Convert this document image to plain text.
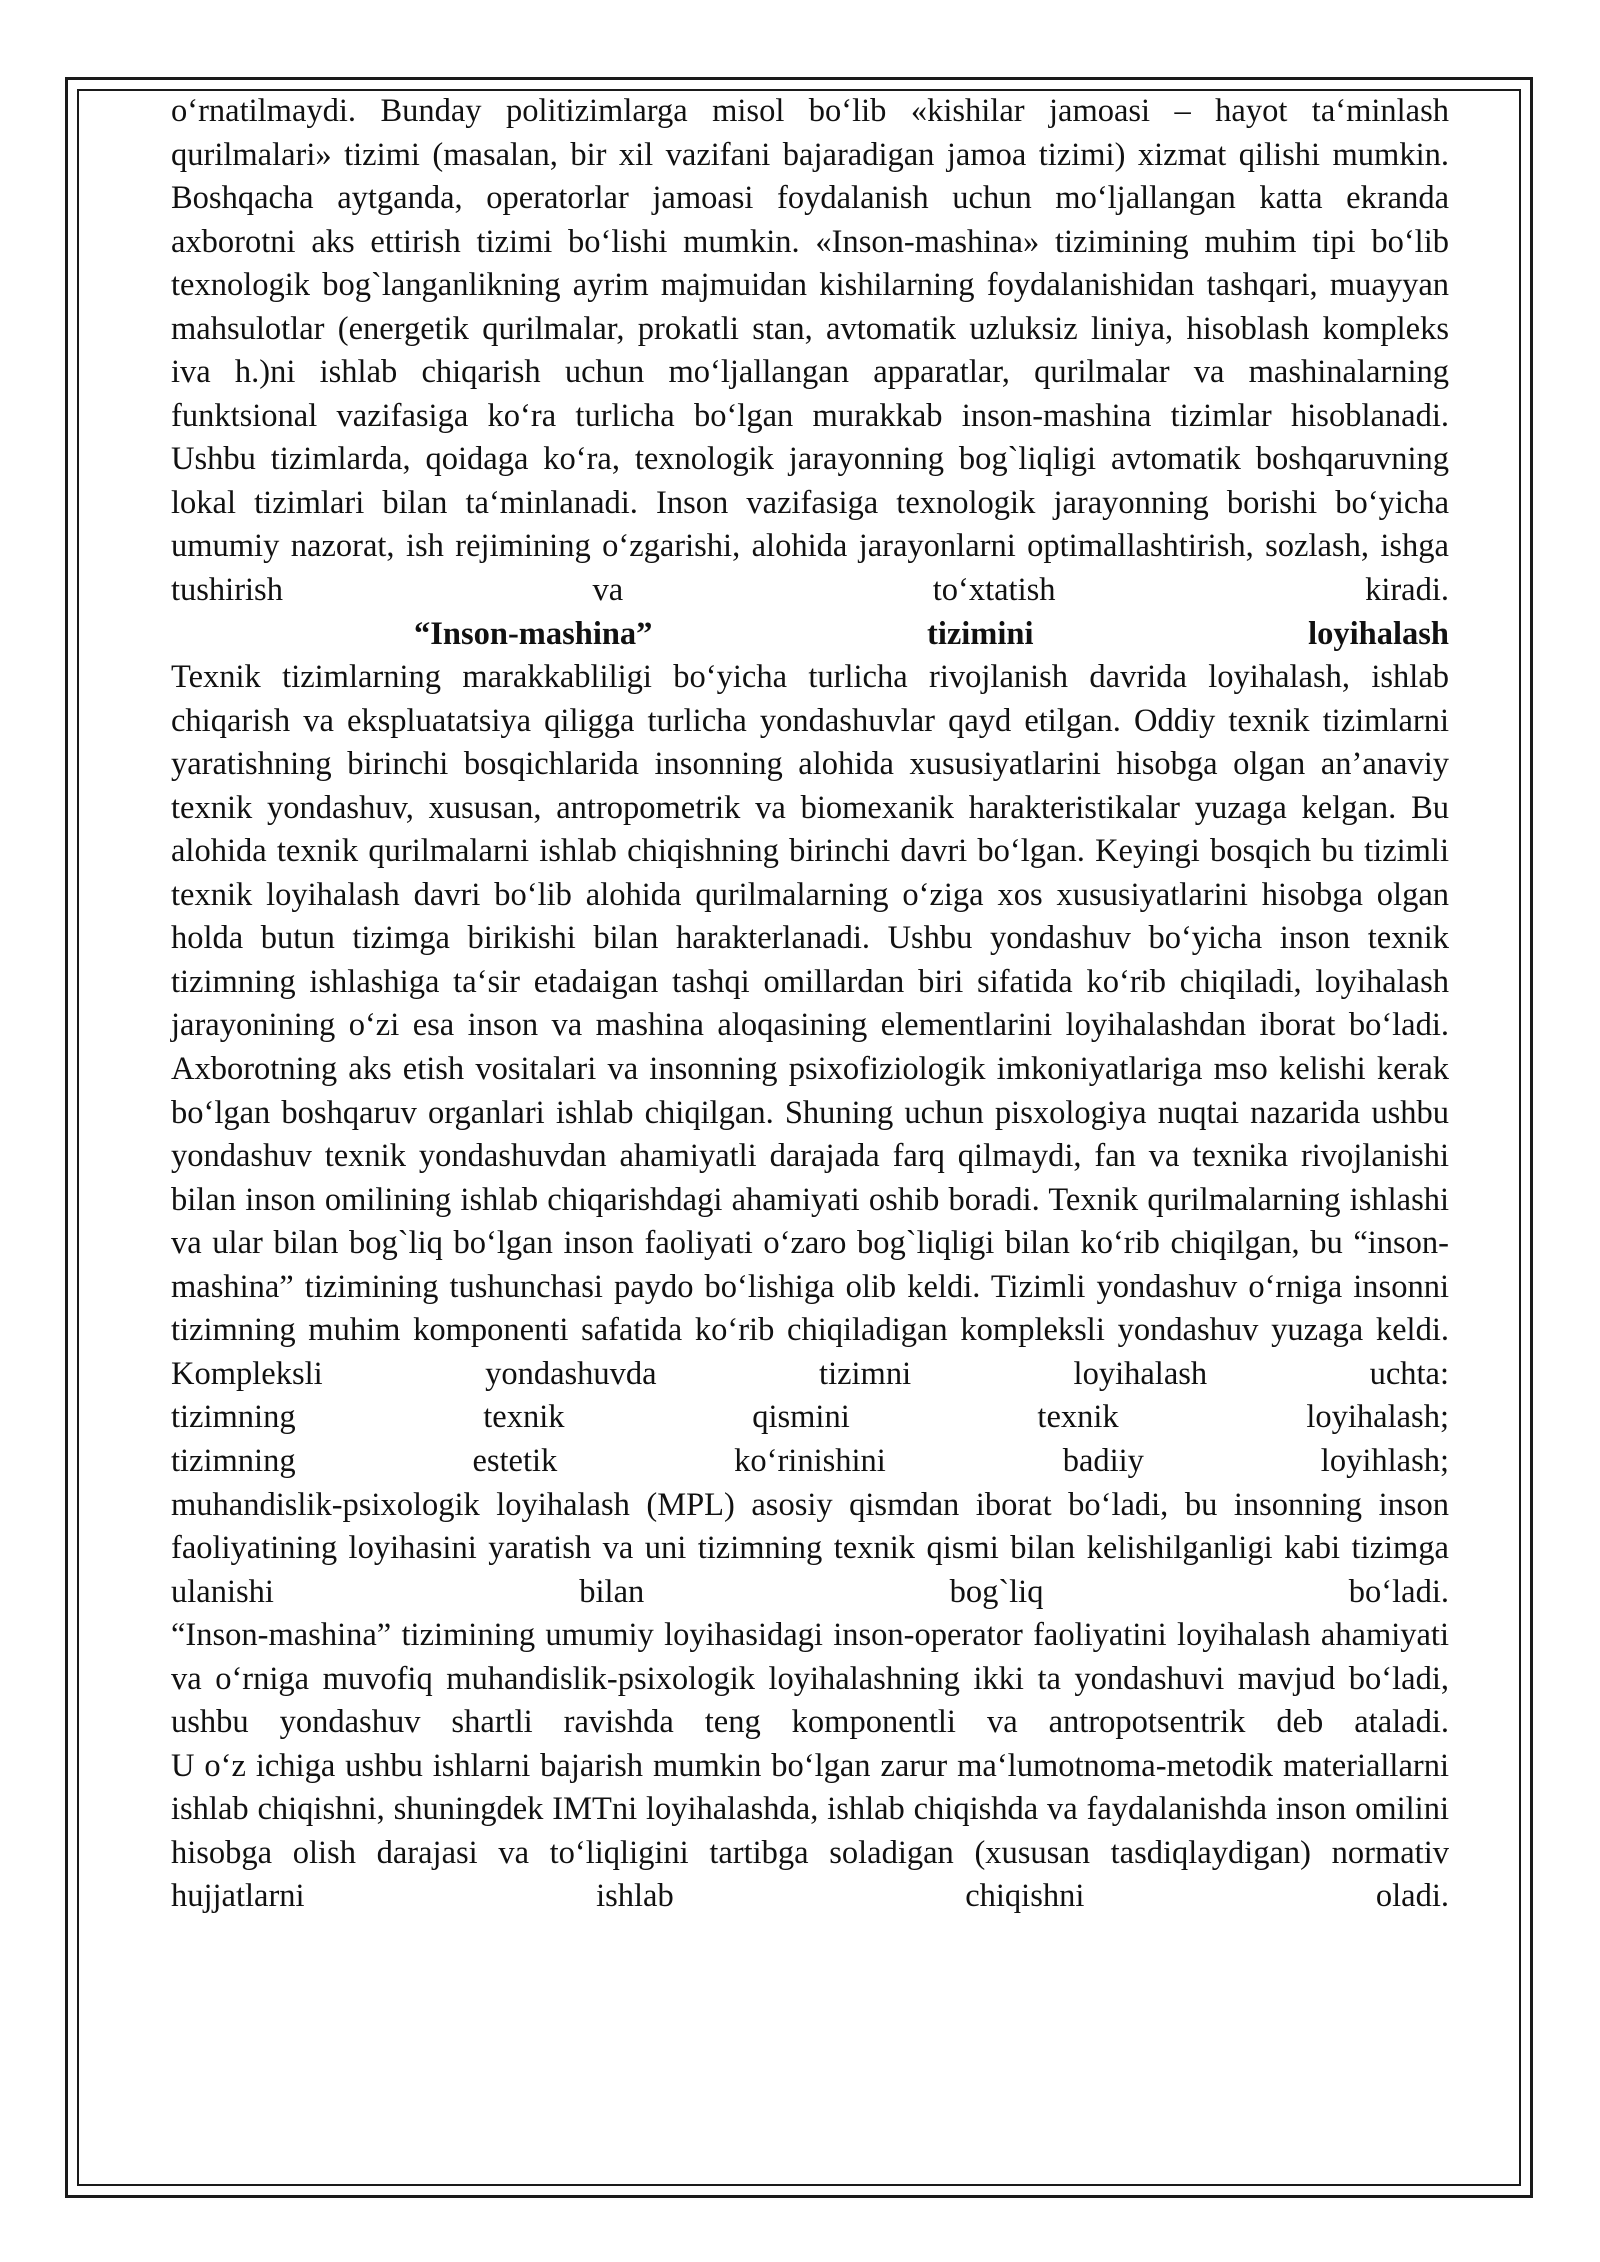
o‘rnatilmaydi. Bunday politizimlarga misol bo‘lib «kishilar jamoasi – hayot ta‘minlash qurilmalari» tizimi (masalan, bir xil vazifani bajaradigan jamoa tizimi) xizmat qilishi mumkin. Boshqacha aytganda, operatorlar jamoasi foydalanish uchun mo‘ljallangan katta ekranda axborotni aks ettirish tizimi bo‘lishi mumkin. «Inson-mashina» tizimining muhim tipi bo‘lib texnologik bog`langanlikning ayrim majmuidan kishilarning foydalanishidan tashqari, muayyan mahsulotlar (energetik qurilmalar, prokatli stan, avtomatik uzluksiz liniya, hisoblash kompleks iva h.)ni ishlab chiqarish uchun mo‘ljallangan apparatlar, qurilmalar va mashinalarning funktsional vazifasiga ko‘ra turlicha bo‘lgan murakkab inson-mashina tizimlar hisoblanadi. Ushbu tizimlarda, qoidaga ko‘ra, texnologik jarayonning bog`liqligi avtomatik boshqaruvning lokal tizimlari bilan ta‘minlanadi. Inson vazifasiga texnologik jarayonning borishi bo‘yicha umumiy nazorat, ish rejimining o‘zgarishi, alohida jarayonlarni optimallashtirish, sozlash, ishga tushirish va to‘xtatish kiradi.

“Inson-mashina” tizimini loyihalash

Texnik tizimlarning marakkabliligi bo‘yicha turlicha rivojlanish davrida loyihalash, ishlab chiqarish va ekspluatatsiya qiligga turlicha yondashuvlar qayd etilgan. Oddiy texnik tizimlarni yaratishning birinchi bosqichlarida insonning alohida xususiyatlarini hisobga olgan an’anaviy texnik yondashuv, xususan, antropometrik va biomexanik harakteristikalar yuzaga kelgan. Bu alohida texnik qurilmalarni ishlab chiqishning birinchi davri bo‘lgan. Keyingi bosqich bu tizimli texnik loyihalash davri bo‘lib alohida qurilmalarning o‘ziga xos xususiyatlarini hisobga olgan holda butun tizimga birikishi bilan harakterlanadi. Ushbu yondashuv bo‘yicha inson texnik tizimning ishlashiga ta‘sir etadaigan tashqi omillardan biri sifatida ko‘rib chiqiladi, loyihalash jarayonining o‘zi esa inson va mashina aloqasining elementlarini loyihalashdan iborat bo‘ladi. Axborotning aks etish vositalari va insonning psixofiziologik imkoniyatlariga mso kelishi kerak bo‘lgan boshqaruv organlari ishlab chiqilgan. Shuning uchun pisxologiya nuqtai nazarida ushbu yondashuv texnik yondashuvdan ahamiyatli darajada farq qilmaydi, fan va texnika rivojlanishi bilan inson omilining ishlab chiqarishdagi ahamiyati oshib boradi. Texnik qurilmalarning ishlashi va ular bilan bog`liq bo‘lgan inson faoliyati o‘zaro bog`liqligi bilan ko‘rib chiqilgan, bu “inson-mashina” tizimining tushunchasi paydo bo‘lishiga olib keldi. Tizimli yondashuv o‘rniga insonni tizimning muhim komponenti safatida ko‘rib chiqiladigan kompleksli yondashuv yuzaga keldi. Kompleksli yondashuvda tizimni loyihalash uchta:

tizimning texnik qismini texnik loyihalash;

tizimning estetik ko‘rinishini badiiy loyihlash;

muhandislik-psixologik loyihalash (MPL) asosiy qismdan iborat bo‘ladi, bu insonning inson faoliyatining loyihasini yaratish va uni tizimning texnik qismi bilan kelishilganligi kabi tizimga ulanishi bilan bog`liq bo‘ladi.

“Inson-mashina” tizimining umumiy loyihasidagi inson-operator faoliyatini loyihalash ahamiyati va o‘rniga muvofiq muhandislik-psixologik loyihalashning ikki ta yondashuvi mavjud bo‘ladi, ushbu yondashuv shartli ravishda teng komponentli va antropotsentrik deb ataladi.

U o‘z ichiga ushbu ishlarni bajarish mumkin bo‘lgan zarur ma‘lumotnoma-metodik materiallarni ishlab chiqishni, shuningdek IMTni loyihalashda, ishlab chiqishda va faydalanishda inson omilini hisobga olish darajasi va to‘liqligini tartibga soladigan (xususan tasdiqlaydigan) normativ hujjatlarni ishlab chiqishni oladi.
